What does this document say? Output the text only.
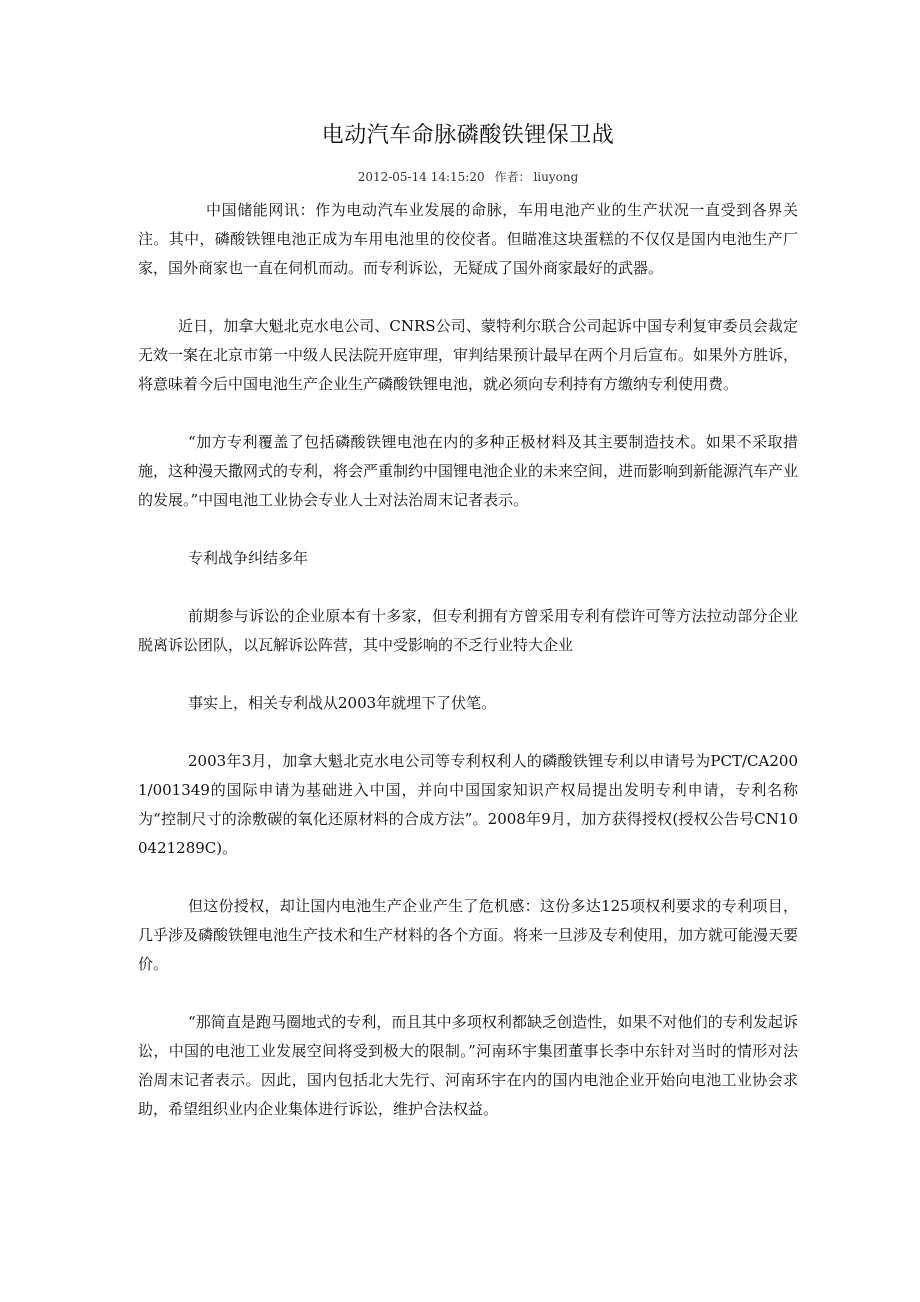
电动汽车命脉磷酸铁锂保卫战
2012-05-14 14:15:20 作者： liuyong

中国储能网讯：作为电动汽车业发展的命脉，车用电池产业的生产状况一直受到各界关注。其中，磷酸铁锂电池正成为车用电池里的佼佼者。但瞄准这块蛋糕的不仅仅是国内电池生产厂家，国外商家也一直在伺机而动。而专利诉讼，无疑成了国外商家最好的武器。

近日，加拿大魁北克水电公司、CNRS公司、蒙特利尔联合公司起诉中国专利复审委员会裁定无效一案在北京市第一中级人民法院开庭审理，审判结果预计最早在两个月后宣布。如果外方胜诉，将意味着今后中国电池生产企业生产磷酸铁锂电池，就必须向专利持有方缴纳专利使用费。

“加方专利覆盖了包括磷酸铁锂电池在内的多种正极材料及其主要制造技术。如果不采取措施，这种漫天撒网式的专利，将会严重制约中国锂电池企业的未来空间，进而影响到新能源汽车产业的发展。”中国电池工业协会专业人士对法治周末记者表示。

专利战争纠结多年

前期参与诉讼的企业原本有十多家，但专利拥有方曾采用专利有偿许可等方法拉动部分企业脱离诉讼团队，以瓦解诉讼阵营，其中受影响的不乏行业特大企业

事实上，相关专利战从2003年就埋下了伏笔。

2003年3月，加拿大魁北克水电公司等专利权利人的磷酸铁锂专利以申请号为PCT/CA2001/001349的国际申请为基础进入中国，并向中国国家知识产权局提出发明专利申请，专利名称为“控制尺寸的涂敷碳的氧化还原材料的合成方法”。2008年9月，加方获得授权(授权公告号CN100421289C)。

但这份授权，却让国内电池生产企业产生了危机感：这份多达125项权利要求的专利项目，几乎涉及磷酸铁锂电池生产技术和生产材料的各个方面。将来一旦涉及专利使用，加方就可能漫天要价。

“那简直是跑马圈地式的专利，而且其中多项权利都缺乏创造性，如果不对他们的专利发起诉讼，中国的电池工业发展空间将受到极大的限制。”河南环宇集团董事长李中东针对当时的情形对法治周末记者表示。因此，国内包括北大先行、河南环宇在内的国内电池企业开始向电池工业协会求助，希望组织业内企业集体进行诉讼，维护合法权益。
